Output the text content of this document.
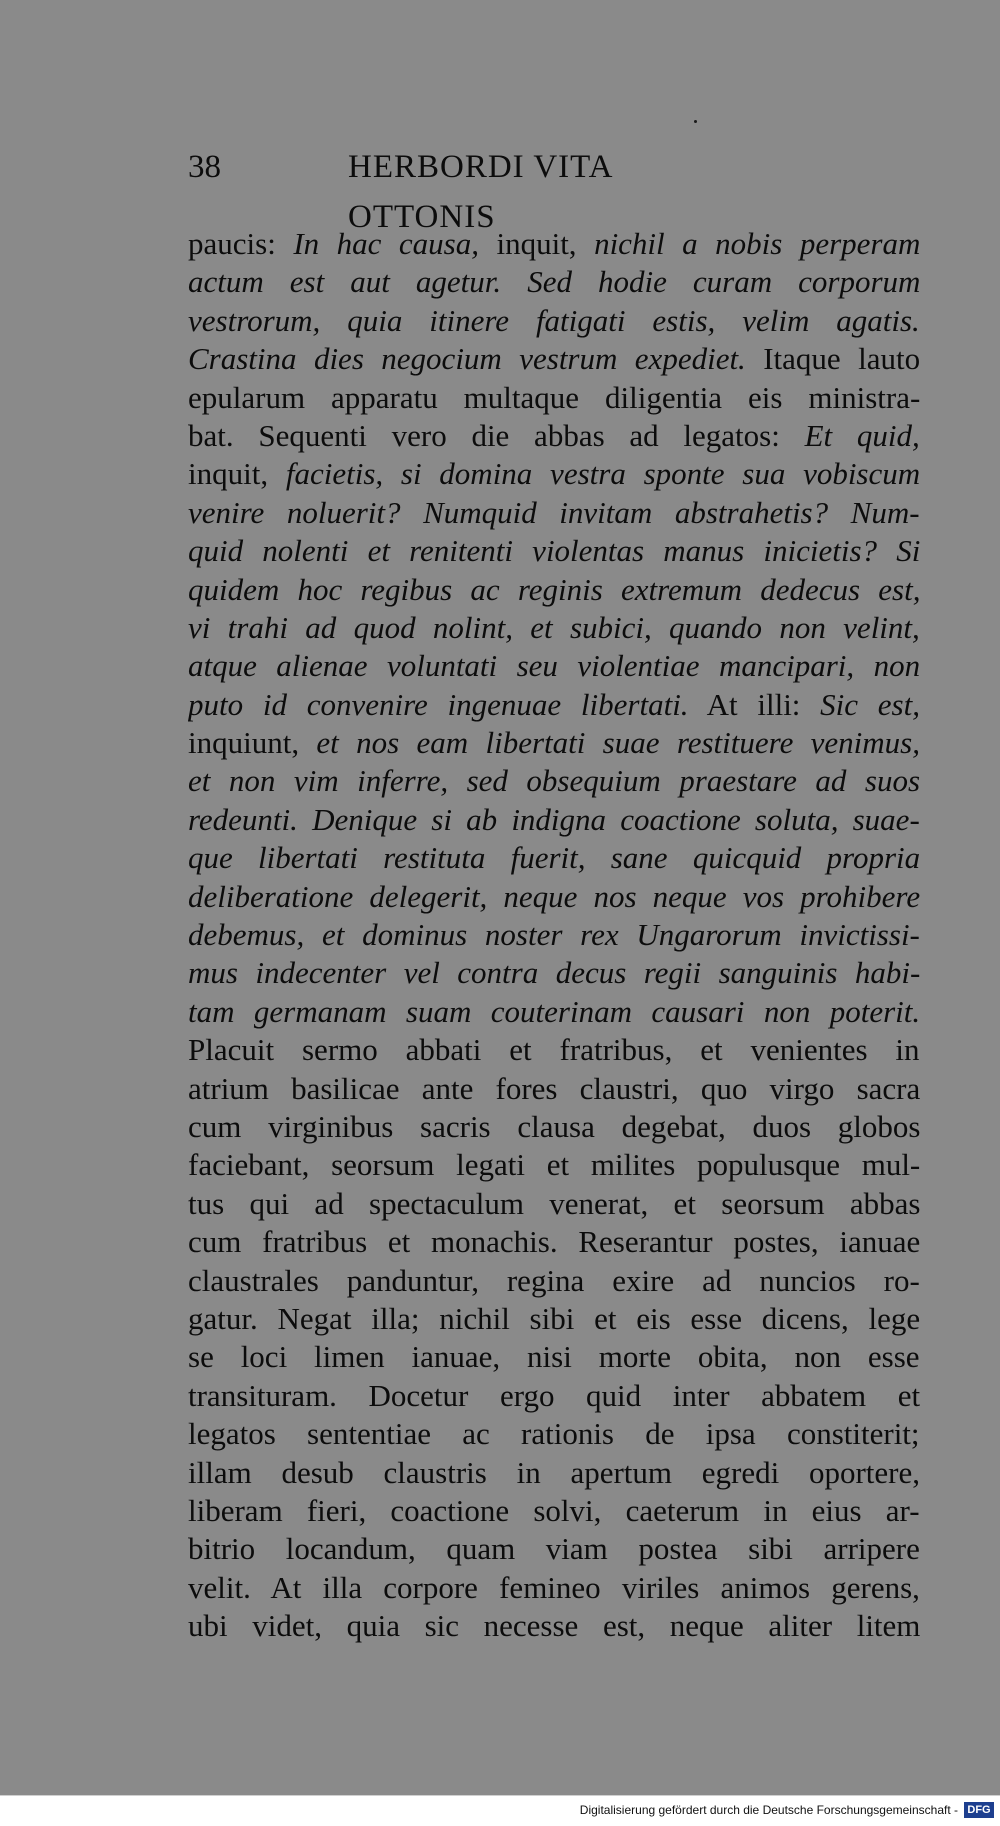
38	HERBORDI VITA OTTONIS
paucis: In hac causa, inquit, nichil a nobis perperam
actum est aut agetur. Sed hodie curam corporum
vestrorum, quia itinere fatigati estis, velim agatis.
Crastina dies negocium vestrum expediet. Itaque lauto
epularum apparatu multaque diligentia eis ministra-
bat. Sequenti vero die abbas ad legatos: Et quid,
inquit, facietis, si domina vestra sponte sua vobiscum
venire noluerit? Numquid invitam abstrahetis? Num-
quid nolenti et renitenti violentas manus inicietis? Si
quidem hoc regibus ac reginis extremum dedecus est,
vi trahi ad quod nolint, et subici, quando non velint,
atque alienae voluntati seu violentiae mancipari, non
puto id convenire ingenuae libertati. At illi: Sic est,
inquiunt, et nos eam libertati suae restituere venimus,
et non vim inferre, sed obsequium praestare ad suos
redeunti. Denique si ab indigna coactione soluta, suae-
que libertati restituta fuerit, sane quicquid propria
deliberatione delegerit, neque nos neque vos prohibere
debemus, et dominus noster rex Ungarorum invictissi-
mus indecenter vel contra decus regii sanguinis habi-
tam germanam suam couterinam causari non poterit.
Placuit sermo abbati et fratribus, et venientes in
atrium basilicae ante fores claustri, quo virgo sacra
cum virginibus sacris clausa degebat, duos globos
faciebant, seorsum legati et milites populusque mul-
tus qui ad spectaculum venerat, et seorsum abbas
cum fratribus et monachis. Reserantur postes, ianuae
claustrales panduntur, regina exire ad nuncios ro-
gatur. Negat illa; nichil sibi et eis esse dicens, lege
se loci limen ianuae, nisi morte obita, non esse
transituram. Docetur ergo quid inter abbatem et
legatos sententiae ac rationis de ipsa constiterit;
illam desub claustris in apertum egredi oportere,
liberam fieri, coactione solvi, caeterum in eius ar-
bitrio locandum, quam viam postea sibi arripere
velit. At illa corpore femineo viriles animos gerens,
ubi videt, quia sic necesse est, neque aliter litem
Digitalisierung gefördert durch die Deutsche Forschungsgemeinschaft - DFG
